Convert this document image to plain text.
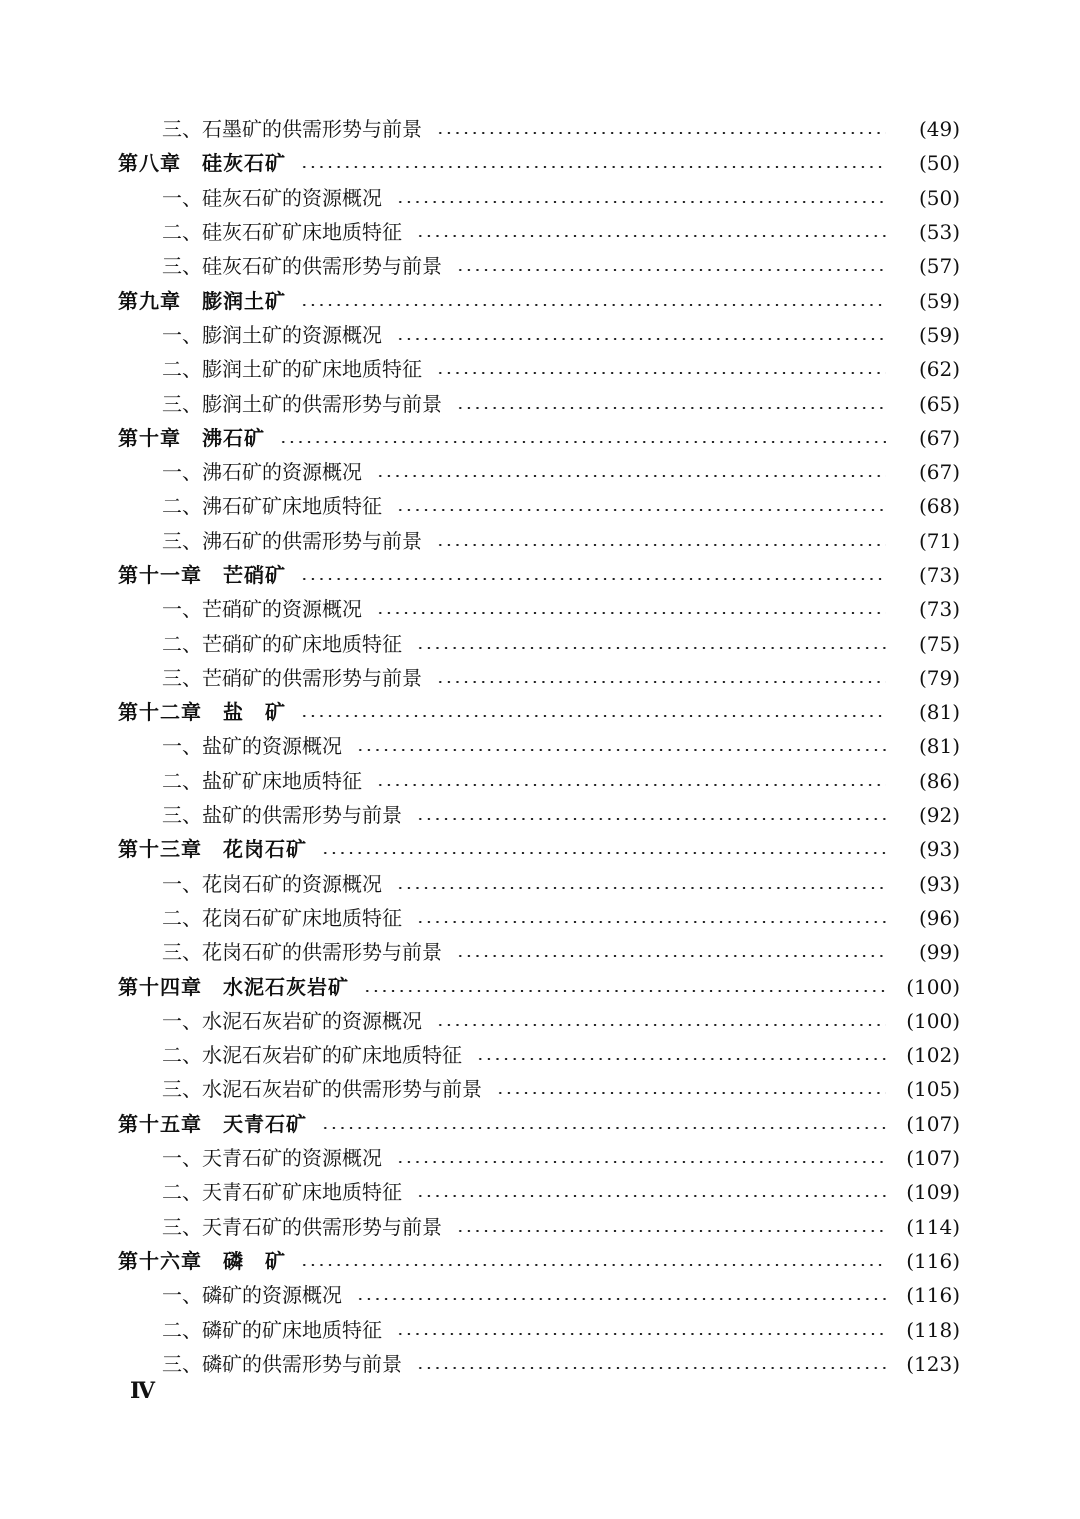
三、石墨矿的供需形势与前景	(49)
第八章　硅灰石矿	(50)
一、硅灰石矿的资源概况	(50)
二、硅灰石矿矿床地质特征	(53)
三、硅灰石矿的供需形势与前景	(57)
第九章　膨润土矿	(59)
一、膨润土矿的资源概况	(59)
二、膨润土矿的矿床地质特征	(62)
三、膨润土矿的供需形势与前景	(65)
第十章　沸石矿	(67)
一、沸石矿的资源概况	(67)
二、沸石矿矿床地质特征	(68)
三、沸石矿的供需形势与前景	(71)
第十一章　芒硝矿	(73)
一、芒硝矿的资源概况	(73)
二、芒硝矿的矿床地质特征	(75)
三、芒硝矿的供需形势与前景	(79)
第十二章　盐　矿	(81)
一、盐矿的资源概况	(81)
二、盐矿矿床地质特征	(86)
三、盐矿的供需形势与前景	(92)
第十三章　花岗石矿	(93)
一、花岗石矿的资源概况	(93)
二、花岗石矿矿床地质特征	(96)
三、花岗石矿的供需形势与前景	(99)
第十四章　水泥石灰岩矿	(100)
一、水泥石灰岩矿的资源概况	(100)
二、水泥石灰岩矿的矿床地质特征	(102)
三、水泥石灰岩矿的供需形势与前景	(105)
第十五章　天青石矿	(107)
一、天青石矿的资源概况	(107)
二、天青石矿矿床地质特征	(109)
三、天青石矿的供需形势与前景	(114)
第十六章　磷　矿	(116)
一、磷矿的资源概况	(116)
二、磷矿的矿床地质特征	(118)
三、磷矿的供需形势与前景	(123)
Ⅳ
